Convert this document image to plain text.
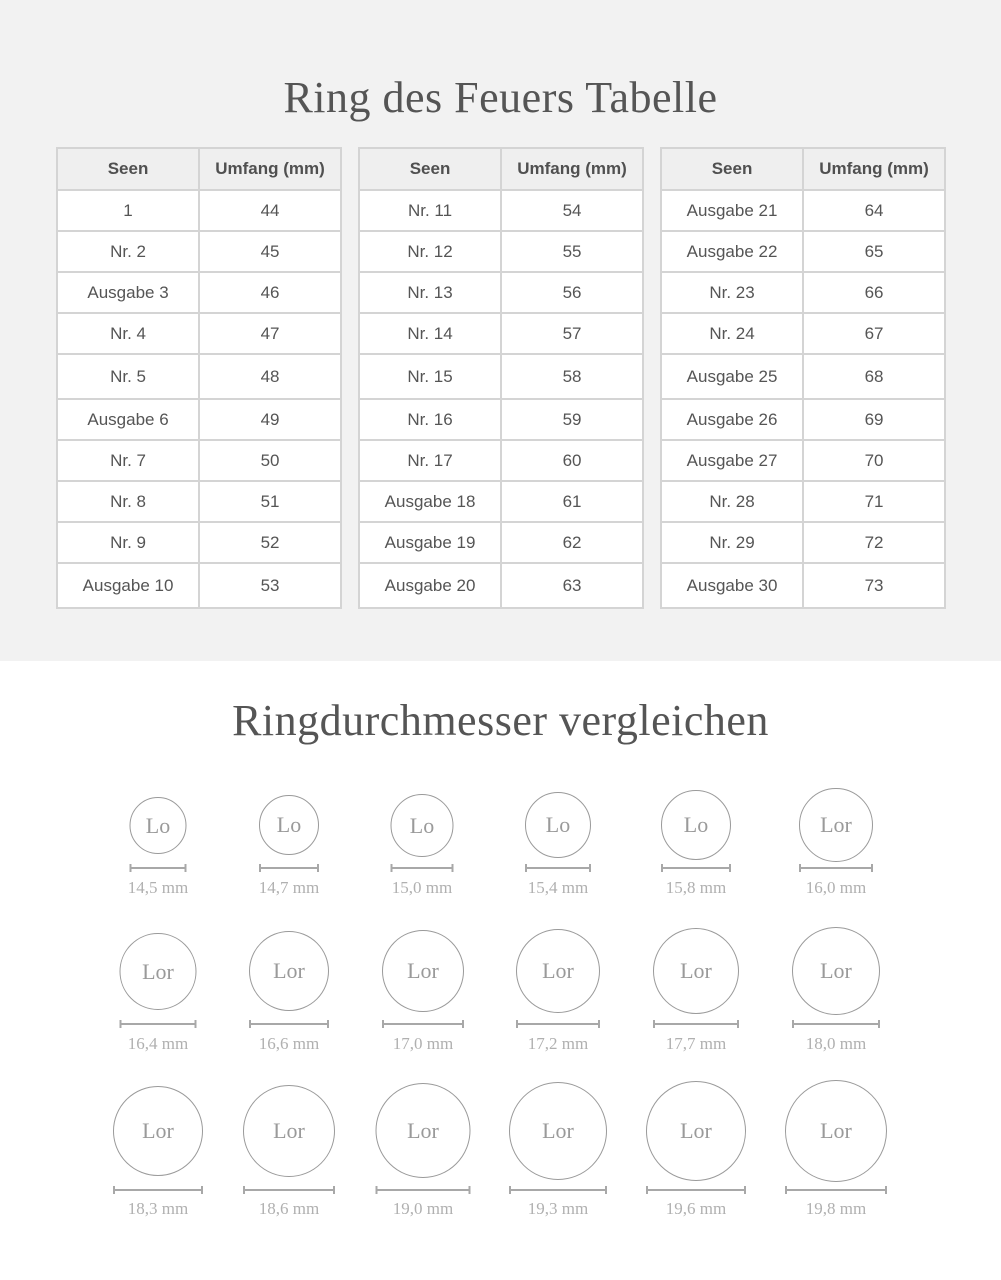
Ring des Feuers Tabelle
Seen	Umfang (mm)
1	44
Nr. 2	45
Ausgabe 3	46
Nr. 4	47
Nr. 5	48
Ausgabe 6	49
Nr. 7	50
Nr. 8	51
Nr. 9	52
Ausgabe 10	53
Seen	Umfang (mm)
Nr. 11	54
Nr. 12	55
Nr. 13	56
Nr. 14	57
Nr. 15	58
Nr. 16	59
Nr. 17	60
Ausgabe 18	61
Ausgabe 19	62
Ausgabe 20	63
Seen	Umfang (mm)
Ausgabe 21	64
Ausgabe 22	65
Nr. 23	66
Nr. 24	67
Ausgabe 25	68
Ausgabe 26	69
Ausgabe 27	70
Nr. 28	71
Nr. 29	72
Ausgabe 30	73
Ringdurchmesser vergleichen
Lo
14,5 mm
Lo
14,7 mm
Lo
15,0 mm
Lo
15,4 mm
Lo
15,8 mm
Lor
16,0 mm
Lor
16,4 mm
Lor
16,6 mm
Lor
17,0 mm
Lor
17,2 mm
Lor
17,7 mm
Lor
18,0 mm
Lor
18,3 mm
Lor
18,6 mm
Lor
19,0 mm
Lor
19,3 mm
Lor
19,6 mm
Lor
19,8 mm
